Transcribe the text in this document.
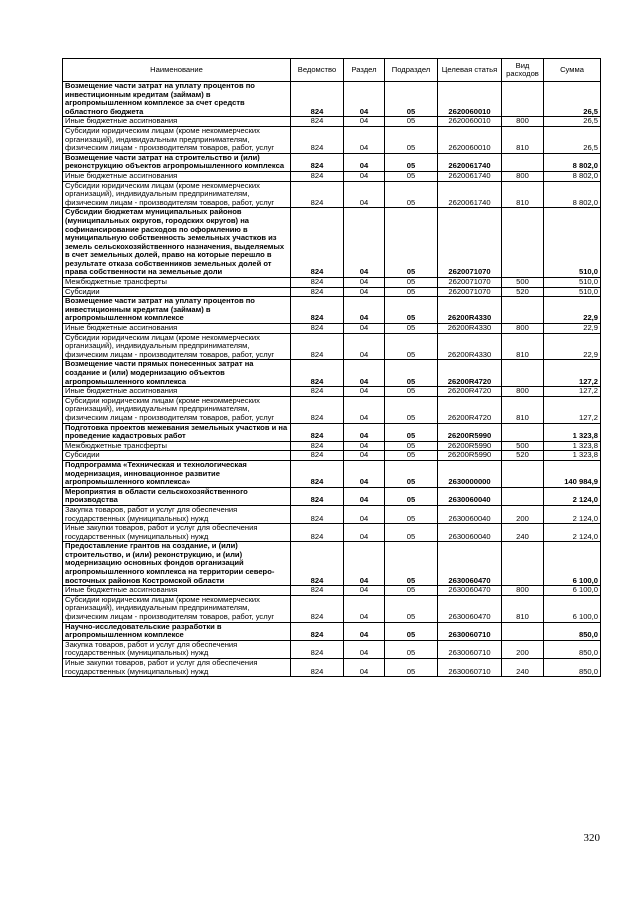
Наименование	Ведомство	Раздел	Подраздел	Целевая статья	Вид расходов	Сумма
Возмещение части затрат на уплату процентов по инвестиционным кредитам (займам) в агропромышленном комплексе за счет средств областного бюджета	824	04	05	2620060010		26,5
Иные бюджетные ассигнования	824	04	05	2620060010	800	26,5
Субсидии юридическим лицам (кроме некоммерческих организаций), индивидуальным предпринимателям, физическим лицам - производителям товаров, работ, услуг	824	04	05	2620060010	810	26,5
Возмещение части затрат на строительство и (или) реконструкцию объектов агропромышленного комплекса	824	04	05	2620061740		8 802,0
Иные бюджетные ассигнования	824	04	05	2620061740	800	8 802,0
Субсидии юридическим лицам (кроме некоммерческих организаций), индивидуальным предпринимателям, физическим лицам - производителям товаров, работ, услуг	824	04	05	2620061740	810	8 802,0
Субсидии бюджетам муниципальных районов (муниципальных округов, городских округов) на софинансирование расходов по оформлению в муниципальную собственность земельных участков из земель сельскохозяйственного назначения, выделяемых в счет земельных долей, право на которые перешло в результате отказа собственников земельных долей от права собственности на земельные доли	824	04	05	2620071070		510,0
Межбюджетные трансферты	824	04	05	2620071070	500	510,0
Субсидии	824	04	05	2620071070	520	510,0
Возмещение части затрат на уплату процентов по инвестиционным кредитам (займам) в агропромышленном комплексе	824	04	05	26200R4330		22,9
Иные бюджетные ассигнования	824	04	05	26200R4330	800	22,9
Субсидии юридическим лицам (кроме некоммерческих организаций), индивидуальным предпринимателям, физическим лицам - производителям товаров, работ, услуг	824	04	05	26200R4330	810	22,9
Возмещение части прямых понесенных затрат на создание и (или) модернизацию объектов агропромышленного комплекса	824	04	05	26200R4720		127,2
Иные бюджетные ассигнования	824	04	05	26200R4720	800	127,2
Субсидии юридическим лицам (кроме некоммерческих организаций), индивидуальным предпринимателям, физическим лицам - производителям товаров, работ, услуг	824	04	05	26200R4720	810	127,2
Подготовка проектов межевания земельных участков и на проведение кадастровых работ	824	04	05	26200R5990		1 323,8
Межбюджетные трансферты	824	04	05	26200R5990	500	1 323,8
Субсидии	824	04	05	26200R5990	520	1 323,8
Подпрограмма «Техническая и технологическая модернизация, инновационное развитие агропромышленного комплекса»	824	04	05	2630000000		140 984,9
Мероприятия в области сельскохозяйственного производства	824	04	05	2630060040		2 124,0
Закупка товаров, работ и услуг для обеспечения государственных (муниципальных) нужд	824	04	05	2630060040	200	2 124,0
Иные закупки товаров, работ и услуг для обеспечения государственных (муниципальных) нужд	824	04	05	2630060040	240	2 124,0
Предоставление грантов на создание, и (или) строительство, и (или) реконструкцию, и (или) модернизацию основных фондов организаций агропромышленного комплекса на территории северо-восточных районов Костромской области	824	04	05	2630060470		6 100,0
Иные бюджетные ассигнования	824	04	05	2630060470	800	6 100,0
Субсидии юридическим лицам (кроме некоммерческих организаций), индивидуальным предпринимателям, физическим лицам - производителям товаров, работ, услуг	824	04	05	2630060470	810	6 100,0
Научно-исследовательские разработки в агропромышленном комплексе	824	04	05	2630060710		850,0
Закупка товаров, работ и услуг для обеспечения государственных (муниципальных) нужд	824	04	05	2630060710	200	850,0
Иные закупки товаров, работ и услуг для обеспечения государственных (муниципальных) нужд	824	04	05	2630060710	240	850,0
320
